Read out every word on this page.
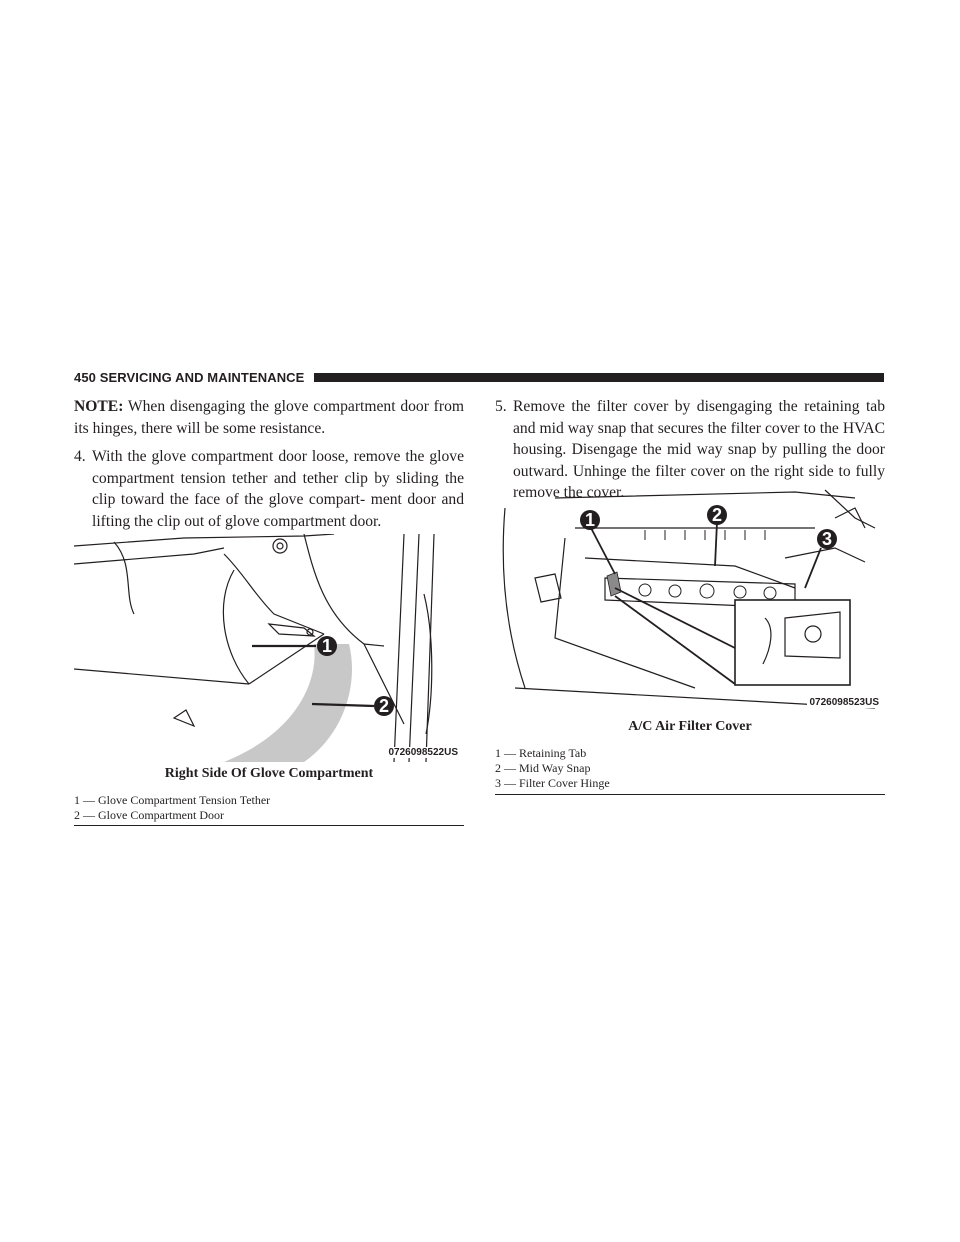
450 SERVICING AND MAINTENANCE

NOTE: When disengaging the glove compartment door from its hinges, there will be some resistance.

4. With the glove compartment door loose, remove the glove compartment tension tether and tether clip by sliding the clip toward the face of the glove compart- ment door and lifting the clip out of glove compartment door.
5. Remove the filter cover by disengaging the retaining tab and mid way snap that secures the filter cover to the HVAC housing. Disengage the mid way snap by pulling the door outward. Unhinge the filter cover on the right side to fully remove the cover.
1
2
0726098522US
Right Side Of Glove Compartment
1 — Glove Compartment Tension Tether
2 — Glove Compartment Door
1	2
3
0726098523US
A/C Air Filter Cover
1 — Retaining Tab
2 — Mid Way Snap
3 — Filter Cover Hinge
